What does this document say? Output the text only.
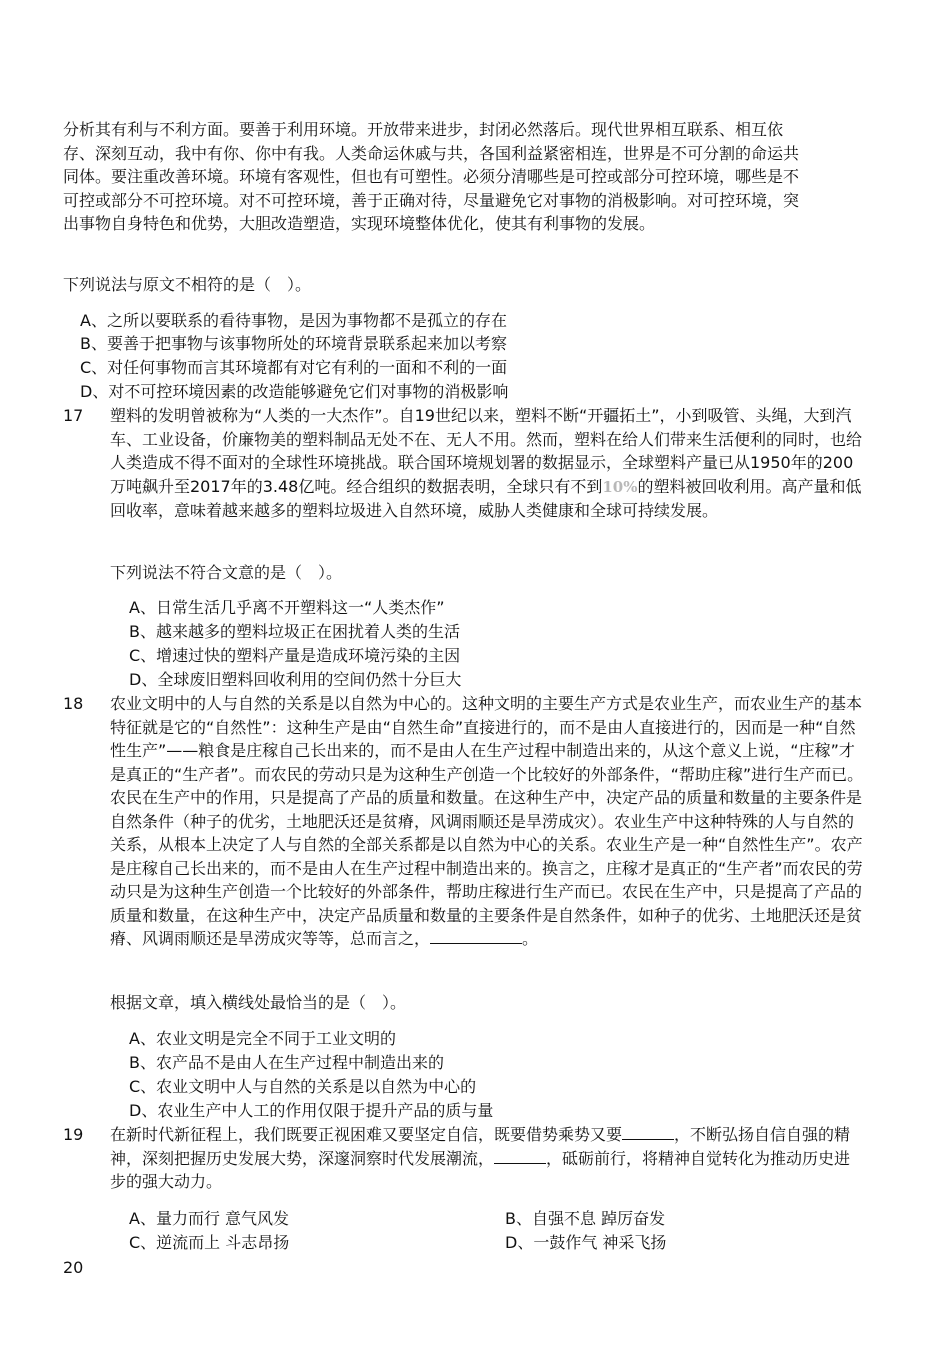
分析其有利与不利方面。要善于利用环境。开放带来进步，封闭必然落后。现代世界相互联系、相互依存、深刻互动，我中有你、你中有我。人类命运休戚与共，各国利益紧密相连，世界是不可分割的命运共同体。要注重改善环境。环境有客观性，但也有可塑性。必须分清哪些是可控或部分可控环境，哪些是不可控或部分不可控环境。对不可控环境，善于正确对待，尽量避免它对事物的消极影响。对可控环境，突出事物自身特色和优势，大胆改造塑造，实现环境整体优化，使其有利事物的发展。
下列说法与原文不相符的是（　）。
A、之所以要联系的看待事物，是因为事物都不是孤立的存在
B、要善于把事物与该事物所处的环境背景联系起来加以考察
C、对任何事物而言其环境都有对它有利的一面和不利的一面
D、对不可控环境因素的改造能够避免它们对事物的消极影响
17 塑料的发明曾被称为“人类的一大杰作”。自19世纪以来，塑料不断“开疆拓土”，小到吸管、头绳，大到汽车、工业设备，价廉物美的塑料制品无处不在、无人不用。然而，塑料在给人们带来生活便利的同时，也给人类造成不得不面对的全球性环境挑战。联合国环境规划署的数据显示，全球塑料产量已从1950年的200万吨飙升至2017年的3.48亿吨。经合组织的数据表明，全球只有不到10%的塑料被回收利用。高产量和低回收率，意味着越来越多的塑料垃圾进入自然环境，威胁人类健康和全球可持续发展。
下列说法不符合文意的是（　）。
A、日常生活几乎离不开塑料这一“人类杰作”
B、越来越多的塑料垃圾正在困扰着人类的生活
C、增速过快的塑料产量是造成环境污染的主因
D、全球废旧塑料回收利用的空间仍然十分巨大
18 农业文明中的人与自然的关系是以自然为中心的。这种文明的主要生产方式是农业生产，而农业生产的基本特征就是它的“自然性”：这种生产是由“自然生命”直接进行的，而不是由人直接进行的，因而是一种“自然性生产”——粮食是庄稼自己长出来的，而不是由人在生产过程中制造出来的，从这个意义上说，“庄稼”才是真正的“生产者”。而农民的劳动只是为这种生产创造一个比较好的外部条件，“帮助庄稼”进行生产而已。农民在生产中的作用，只是提高了产品的质量和数量。在这种生产中，决定产品的质量和数量的主要条件是自然条件（种子的优劣，土地肥沃还是贫瘠，风调雨顺还是旱涝成灾）。农业生产中这种特殊的人与自然的关系，从根本上决定了人与自然的全部关系都是以自然为中心的关系。农业生产是一种“自然性生产”。农产是庄稼自己长出来的，而不是由人在生产过程中制造出来的。换言之，庄稼才是真正的“生产者”而农民的劳动只是为这种生产创造一个比较好的外部条件，帮助庄稼进行生产而已。农民在生产中，只是提高了产品的质量和数量，在这种生产中，决定产品质量和数量的主要条件是自然条件，如种子的优劣、土地肥沃还是贫瘠、风调雨顺还是旱涝成灾等等，总而言之，	。
根据文章，填入横线处最恰当的是（　）。
A、农业文明是完全不同于工业文明的
B、农产品不是由人在生产过程中制造出来的
C、农业文明中人与自然的关系是以自然为中心的
D、农业生产中人工的作用仅限于提升产品的质与量
19 在新时代新征程上，我们既要正视困难又要坚定自信，既要借势乘势又要	，不断弘扬自信自强的精神，深刻把握历史发展大势，深邃洞察时代发展潮流，	，砥砺前行，将精神自觉转化为推动历史进步的强大动力。
A、量力而行 意气风发	B、自强不息 踔厉奋发
C、逆流而上 斗志昂扬	D、一鼓作气 神采飞扬
20
